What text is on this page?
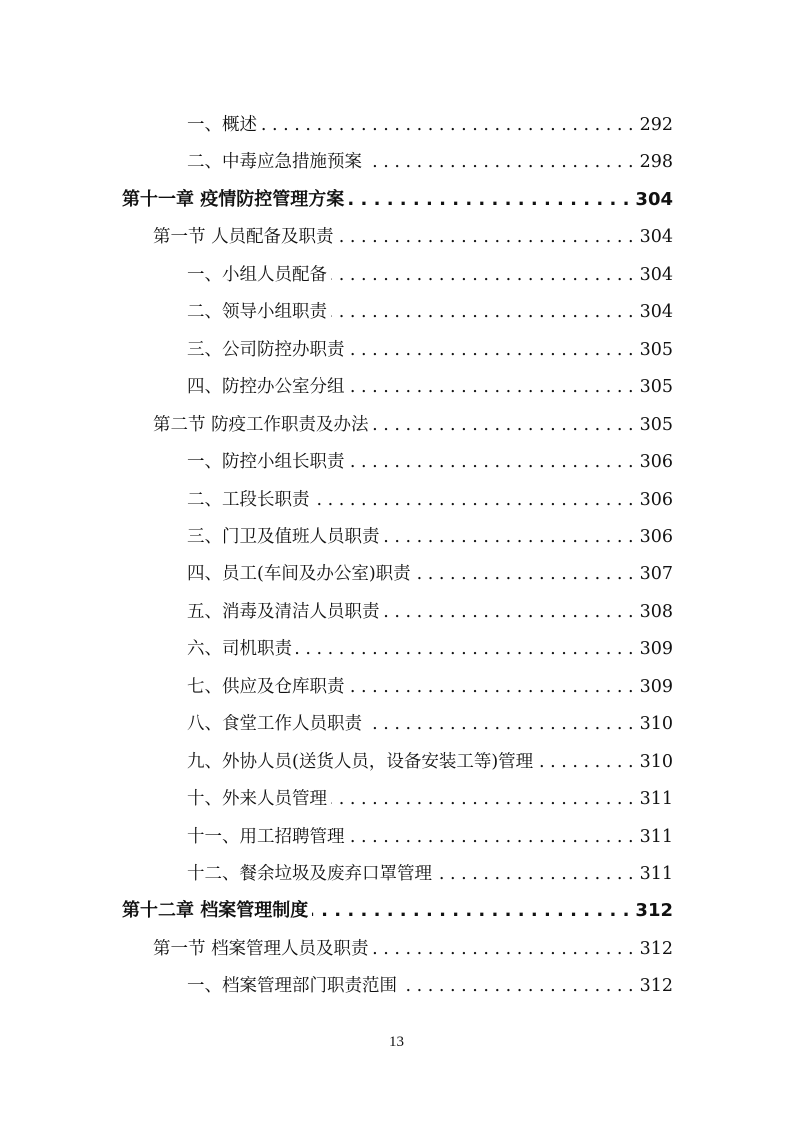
一、概述 . . .	292
二、中毒应急措施预案 . . .	298
第十一章 疫情防控管理方案 . . .	304
第一节 人员配备及职责 . . .	304
一、小组人员配备 . . .	304
二、领导小组职责 . . .	304
三、公司防控办职责 . . .	305
四、防控办公室分组 . . .	305
第二节 防疫工作职责及办法 . . .	305
一、防控小组长职责 . . .	306
二、工段长职责 . . .	306
三、门卫及值班人员职责 . . .	306
四、员工(车间及办公室)职责 . . .	307
五、消毒及清洁人员职责 . . .	308
六、司机职责 . . .	309
七、供应及仓库职责 . . .	309
八、食堂工作人员职责 . . .	310
九、外协人员(送货人员，设备安装工等)管理 . . .	310
十、外来人员管理 . . .	311
十一、用工招聘管理 . . .	311
十二、餐余垃圾及废弃口罩管理 . . .	311
第十二章 档案管理制度 . . .	312
第一节 档案管理人员及职责 . . .	312
一、档案管理部门职责范围 . . .	312
13
